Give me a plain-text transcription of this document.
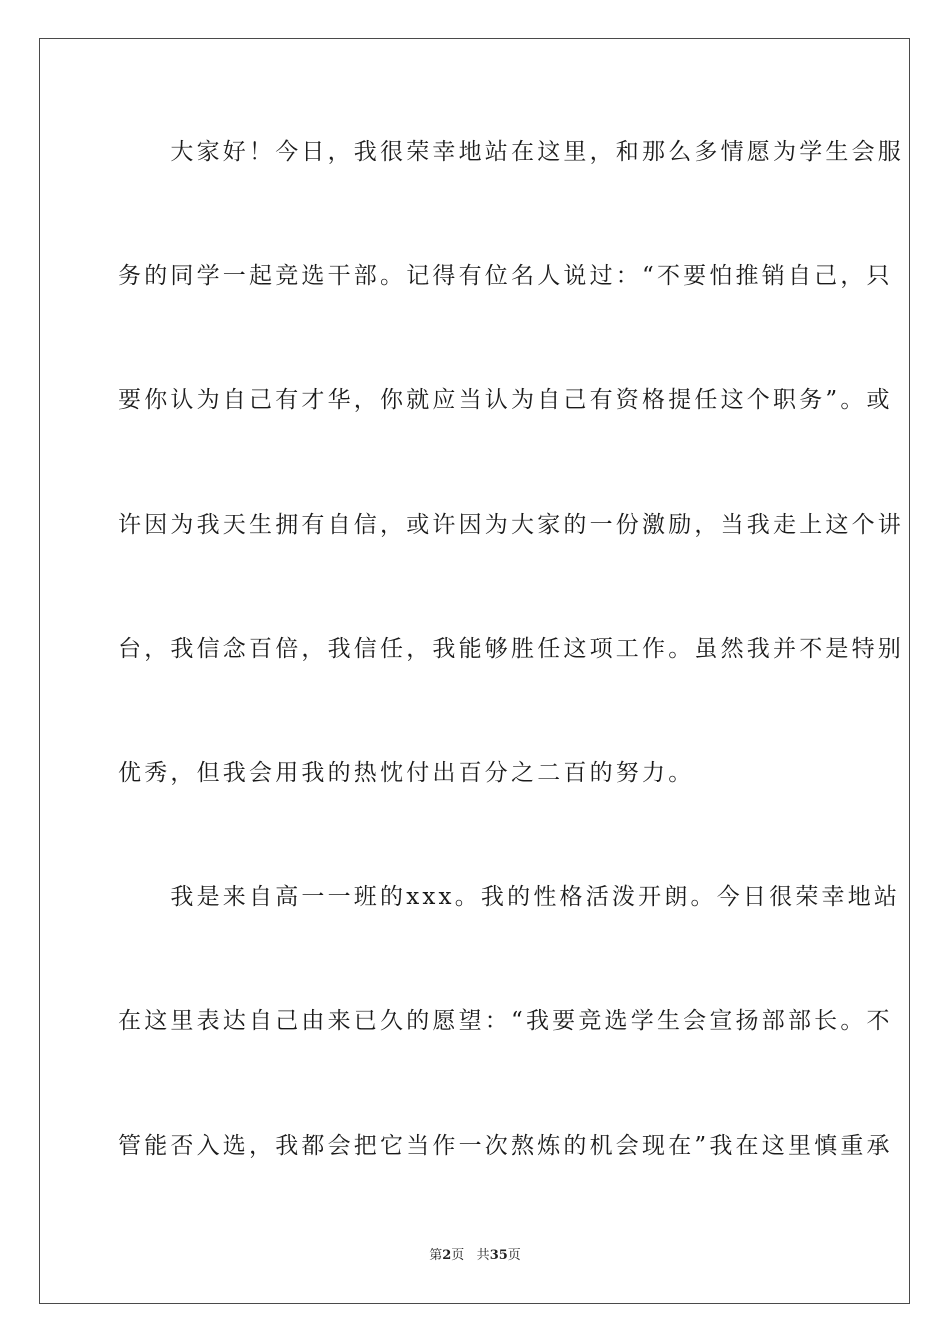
　　大家好！今日，我很荣幸地站在这里，和那么多情愿为学生会服
务的同学一起竞选干部。记得有位名人说过：“不要怕推销自己，只
要你认为自己有才华，你就应当认为自己有资格提任这个职务”。或
许因为我天生拥有自信，或许因为大家的一份激励，当我走上这个讲
台，我信念百倍，我信任，我能够胜任这项工作。虽然我并不是特别
优秀，但我会用我的热忱付出百分之二百的努力。
　　我是来自高一一班的xxx。我的性格活泼开朗。今日很荣幸地站
在这里表达自己由来已久的愿望：“我要竞选学生会宣扬部部长。不
管能否入选，我都会把它当作一次熬炼的机会现在”我在这里慎重承
第2页 共35页
